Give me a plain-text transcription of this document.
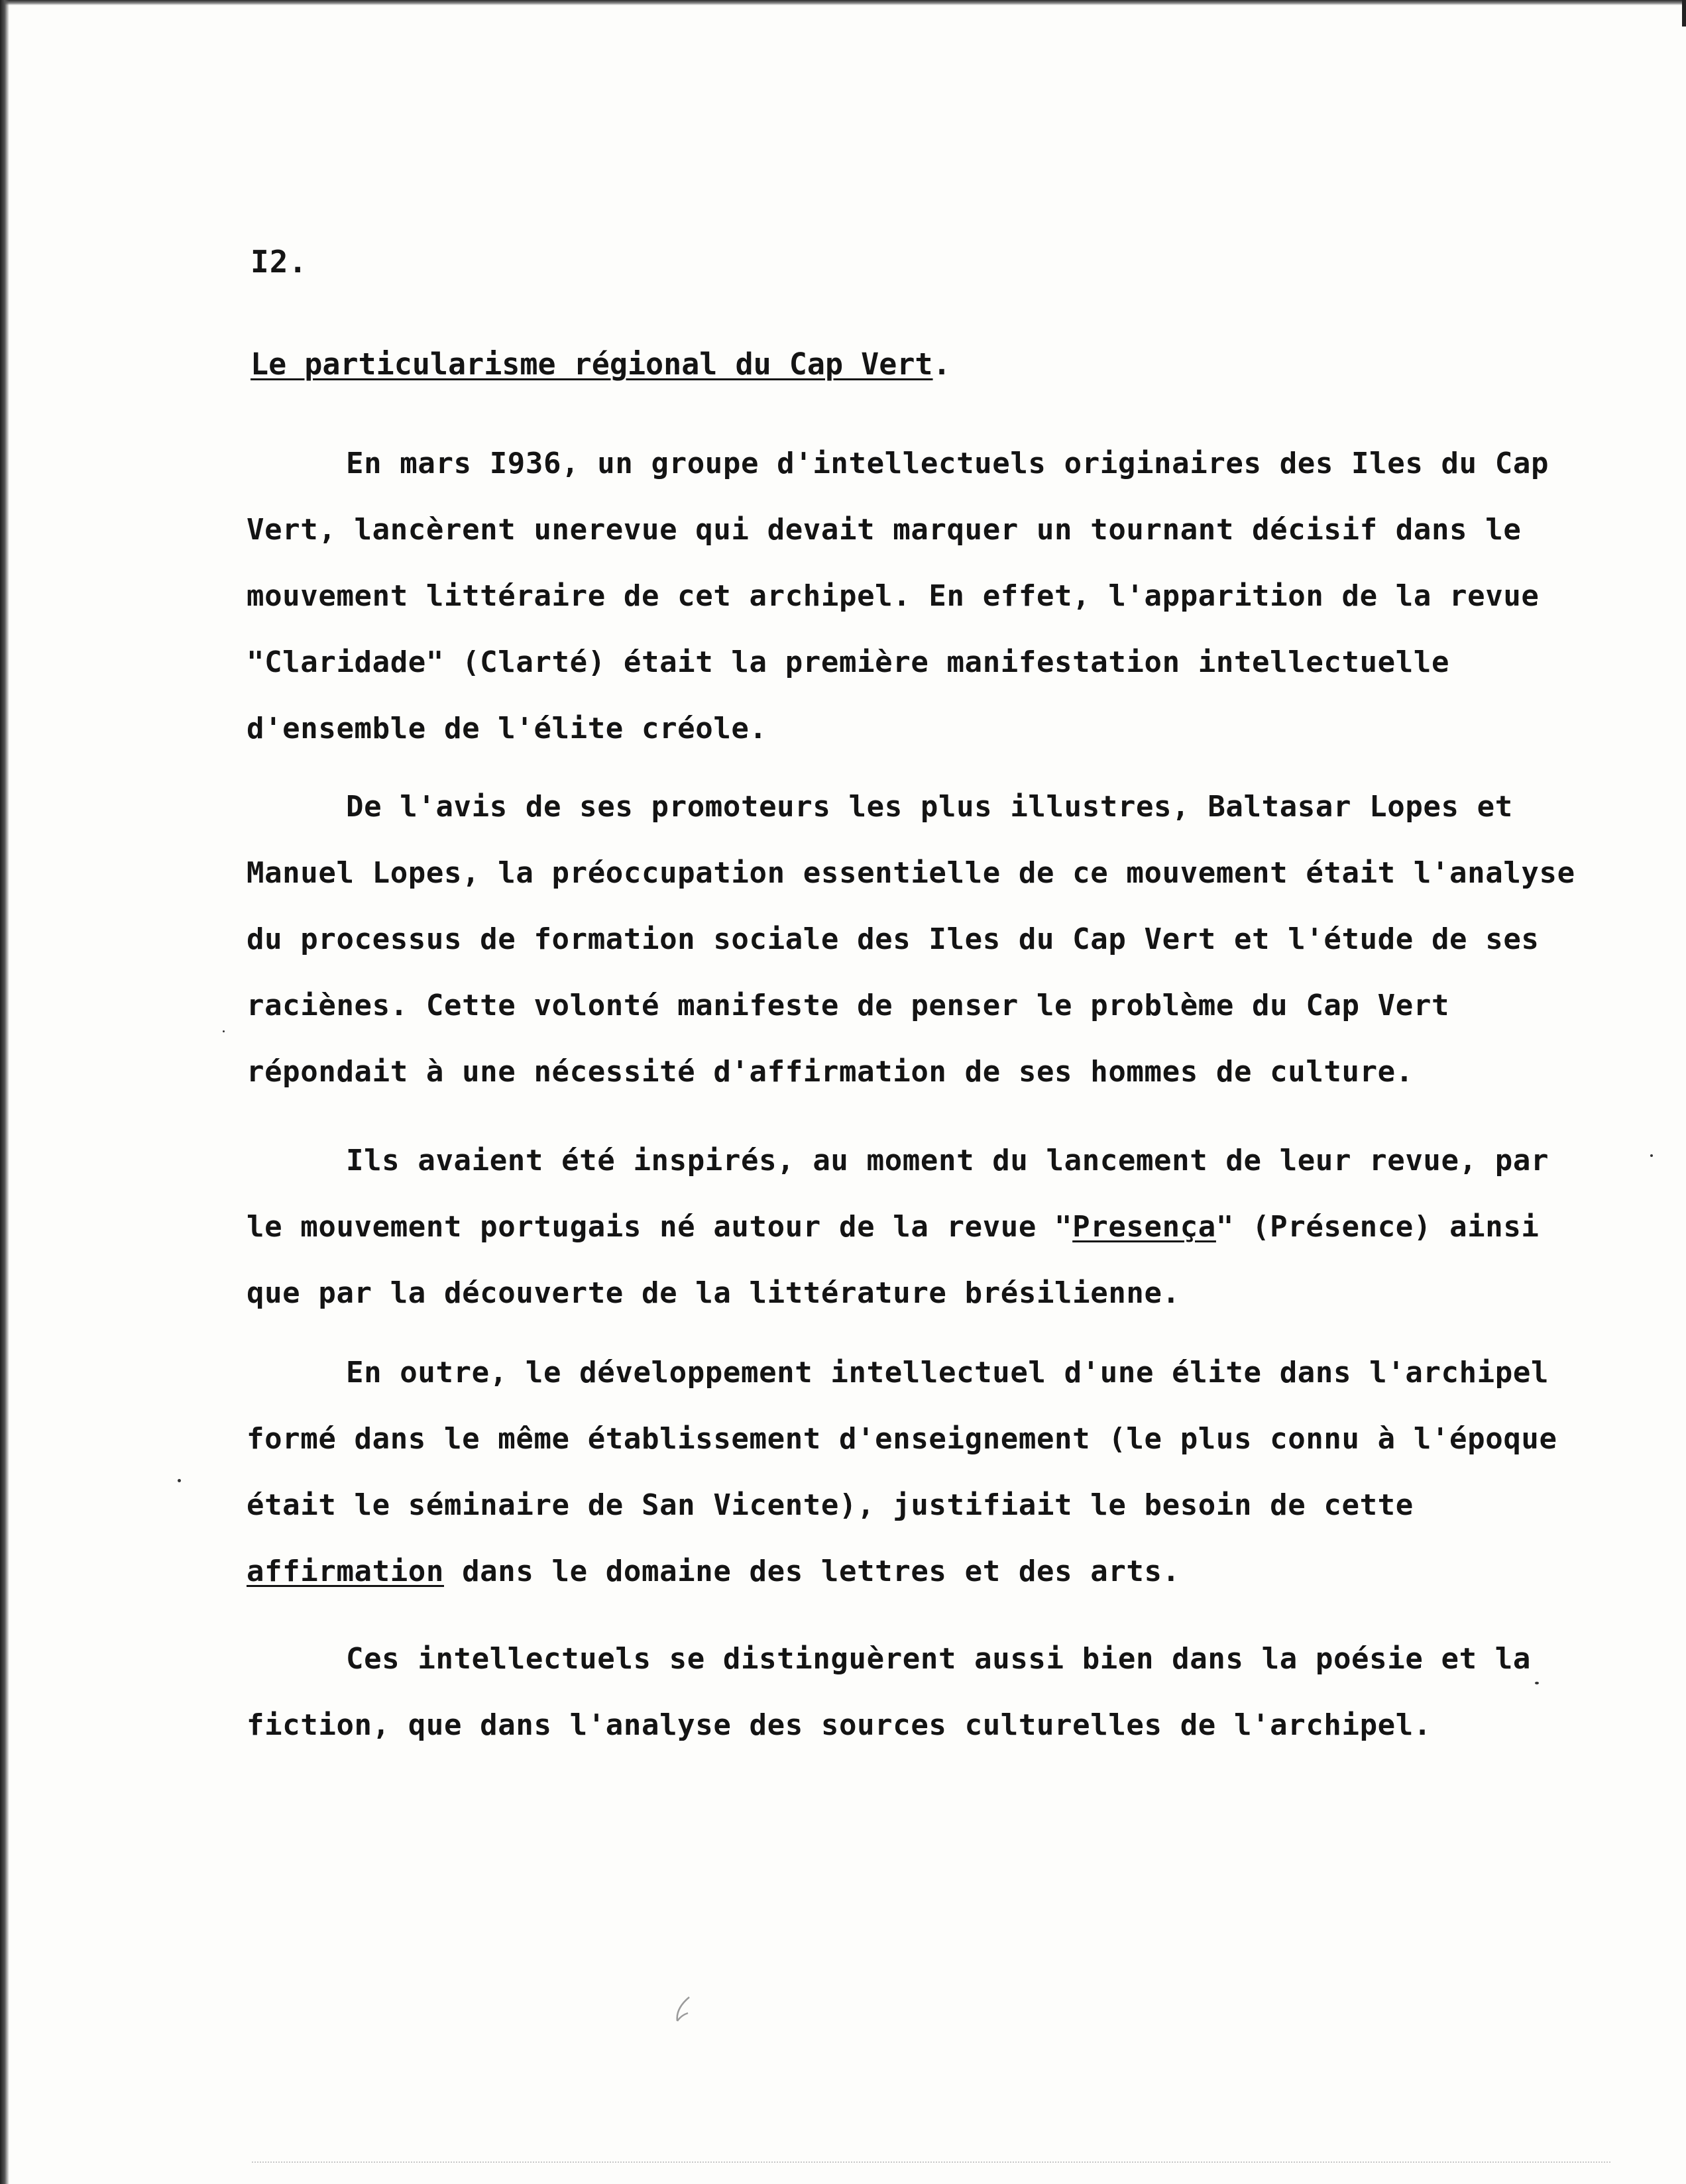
I2.
Le particularisme régional du Cap Vert.

En mars I936, un groupe d'intellectuels originaires des Iles du Cap Vert, lancèrent unerevue qui devait marquer un tournant décisif dans le mouvement littéraire de cet archipel. En effet, l'apparition de la revue "Claridade" (Clarté) était la première manifestation intellectuelle d'ensemble de l'élite créole.

De l'avis de ses promoteurs les plus illustres, Baltasar Lopes et Manuel Lopes, la préoccupation essentielle de ce mouvement était l'analyse du processus de formation sociale des Iles du Cap Vert et l'étude de ses raciènes. Cette volonté manifeste de penser le problème du Cap Vert répondait à une nécessité d'affirmation de ses hommes de culture.

Ils avaient été inspirés, au moment du lancement de leur revue, par le mouvement portugais né autour de la revue "Presença" (Présence) ainsi que par la découverte de la littérature brésilienne.

En outre, le développement intellectuel d'une élite dans l'archipel formé dans le même établissement d'enseignement (le plus connu à l'époque était le séminaire de San Vicente), justifiait le besoin de cette affirmation dans le domaine des lettres et des arts.

Ces intellectuels se distinguèrent aussi bien dans la poésie et la fiction, que dans l'analyse des sources culturelles de l'archipel.
